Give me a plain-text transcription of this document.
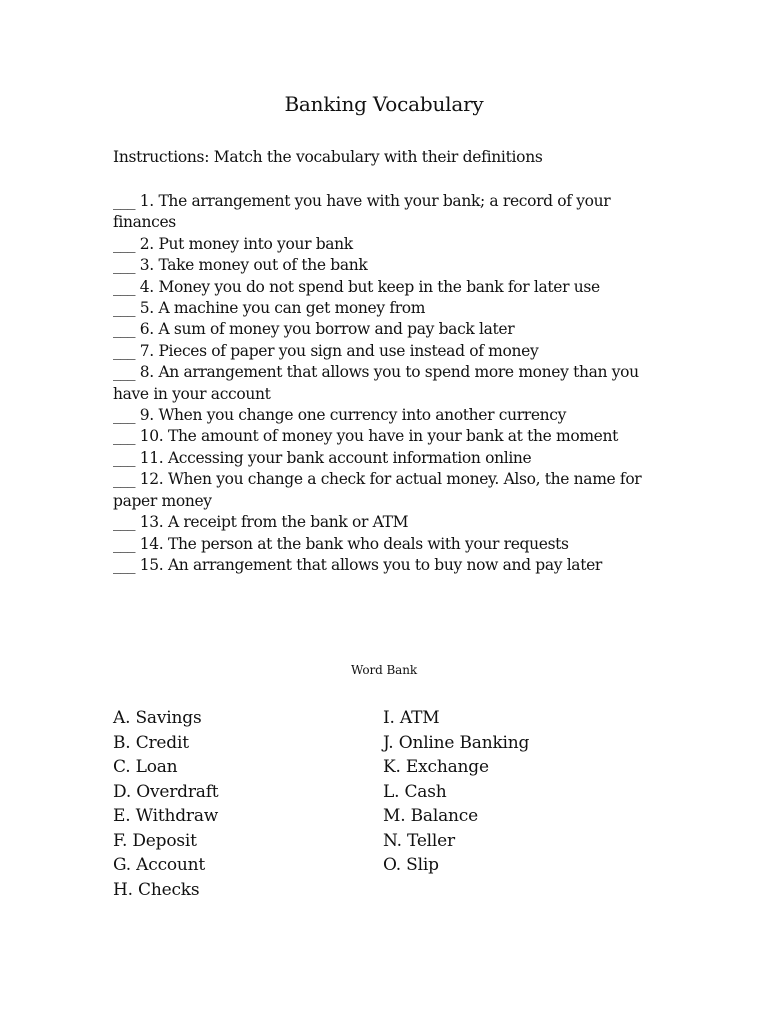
Banking Vocabulary
Instructions: Match the vocabulary with their definitions

___ 1. The arrangement you have with your bank; a record of your finances

___ 2. Put money into your bank

___ 3. Take money out of the bank

___ 4. Money you do not spend but keep in the bank for later use

___ 5. A machine you can get money from

___ 6. A sum of money you borrow and pay back later

___ 7. Pieces of paper you sign and use instead of money

___ 8. An arrangement that allows you to spend more money than you have in your account

___ 9. When you change one currency into another currency

___ 10. The amount of money you have in your bank at the moment

___ 11. Accessing your bank account information online

___ 12. When you change a check for actual money. Also, the name for paper money

___ 13. A receipt from the bank or ATM

___ 14. The person at the bank who deals with your requests

___ 15. An arrangement that allows you to buy now and pay later

Word Bank
A. Savings
B. Credit
C. Loan
D. Overdraft
E. Withdraw
F. Deposit
G. Account
H. Checks
I. ATM
J. Online Banking
K. Exchange
L. Cash
M. Balance
N. Teller
O. Slip
